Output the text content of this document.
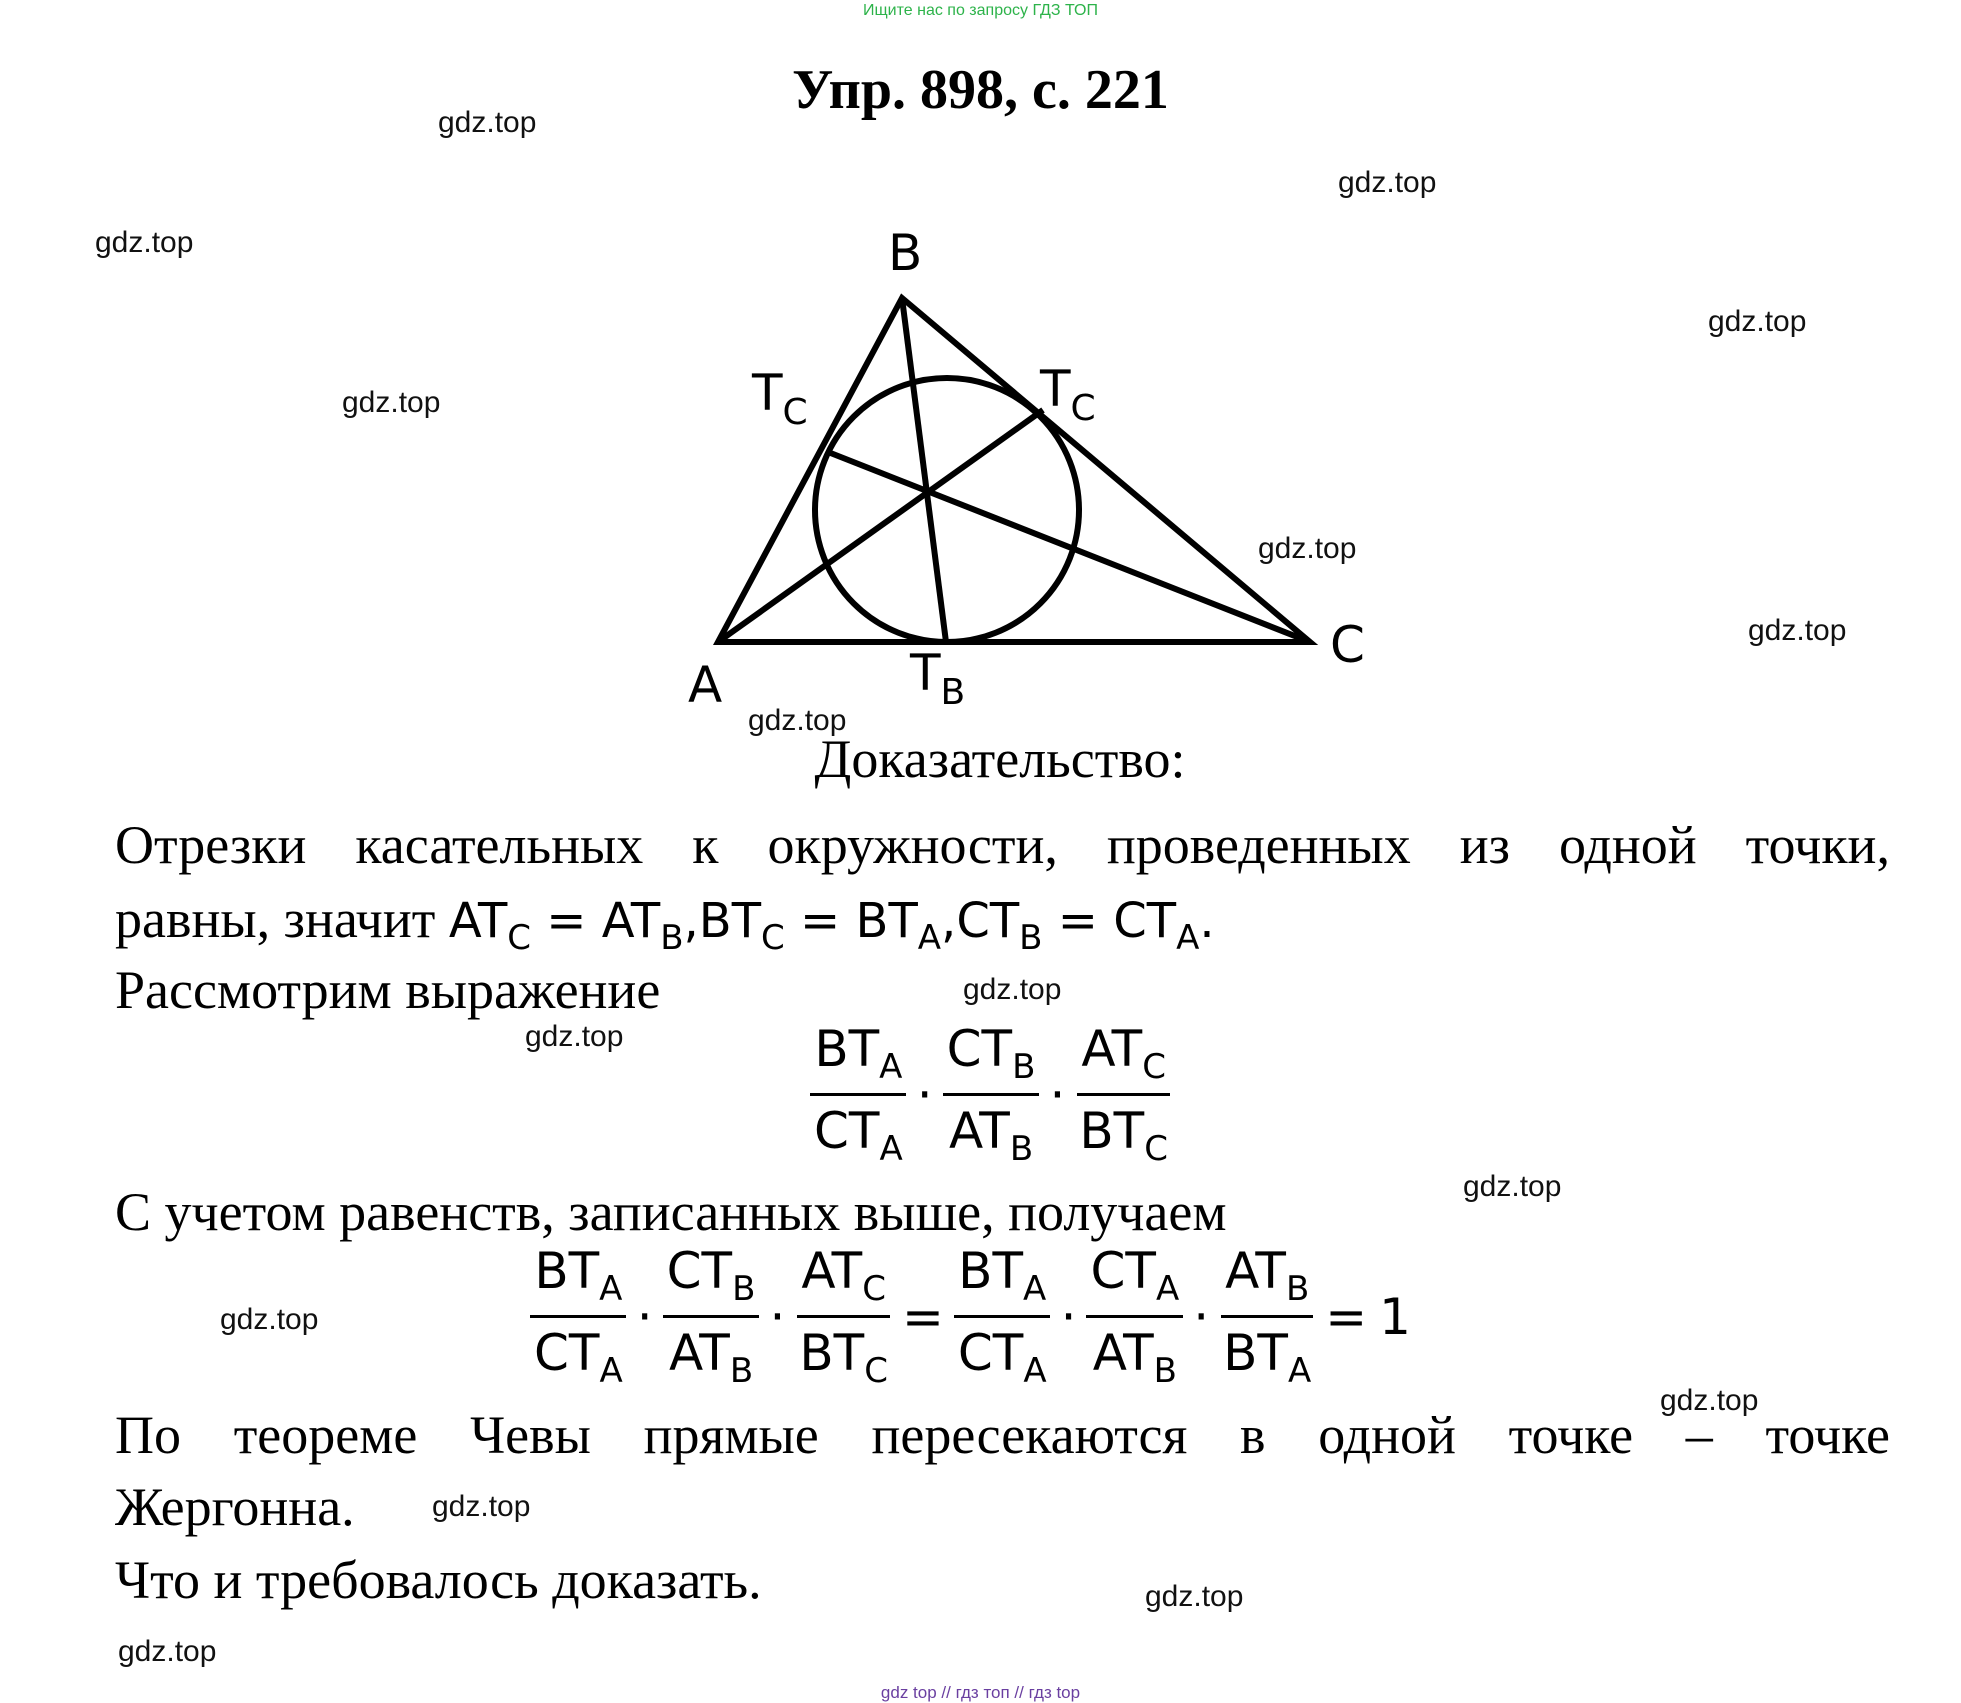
Ищите нас по запросу ГДЗ ТОП
Упр. 898, с. 221
gdz.top
gdz.top
gdz.top
gdz.top
gdz.top
gdz.top
gdz.top
gdz.top
gdz.top
gdz.top
gdz.top
gdz.top
gdz.top
gdz.top
gdz.top
gdz.top
B
A
C
$T_C$	$T_C$
$T_B$
Доказательство:
Отрезки касательных к окружности, проведенных из одной точки,
равны, значит $AT_C = AT_B,BT_C = BT_A,CT_B = CT_A$.
Рассмотрим выражение
$\frac{BT_A}{CT_A} \cdot \frac{CT_B}{AT_B} \cdot \frac{AT_C}{BT_C}$
С учетом равенств, записанных выше, получаем
$\frac{BT_A}{CT_A} \cdot \frac{CT_B}{AT_B} \cdot \frac{AT_C}{BT_C} = \frac{BT_A}{CT_A} \cdot \frac{CT_A}{AT_B} \cdot \frac{AT_B}{BT_A} = 1$
По теореме Чевы прямые пересекаются в одной точке – точке
Жергонна.
Что и требовалось доказать.
gdz top // гдз топ // гдз top
